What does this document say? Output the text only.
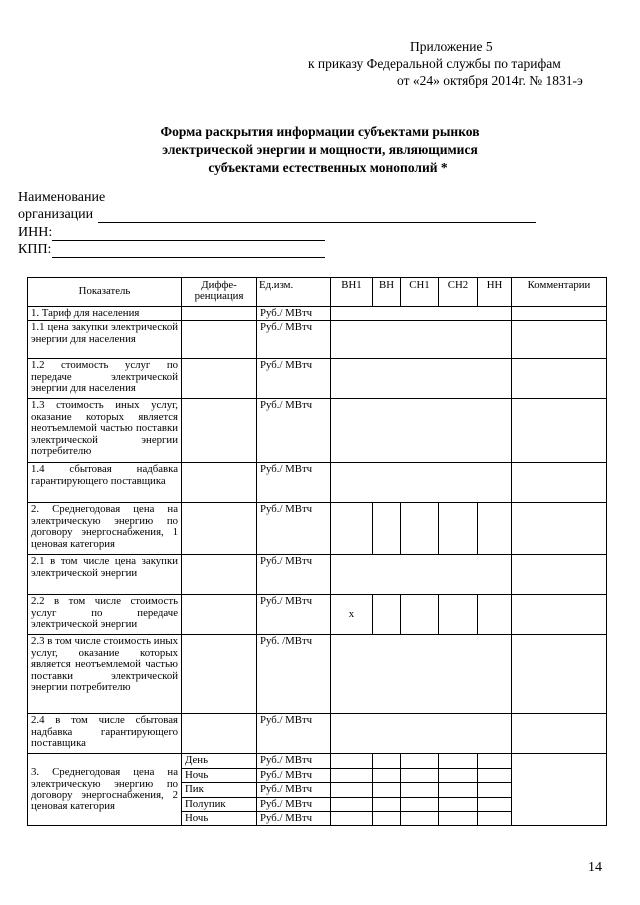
Приложение 5
к приказу Федеральной службы по тарифам
от «24» октября 2014г. № 1831-э
Форма раскрытия информации субъектами рынков
электрической энергии и мощности, являющимися
субъектами естественных монополий *
Наименование
организации
ИНН:
КПП:
Показатель	Диффе-ренциация	Ед.изм.	ВН1	ВН	СН1	СН2	НН	Комментарии
1. Тариф для населения		Руб./ МВтч						
1.1 цена закупки электрической энергии для населения		Руб./ МВтч						
1.2 стоимость услуг по передаче электрической энергии для населения		Руб./ МВтч						
1.3 стоимость иных услуг, оказание которых является неотъемлемой частью поставки электрической энергии потребителю		Руб./ МВтч						
1.4 сбытовая надбавка гарантирующего поставщика		Руб./ МВтч						
2. Среднегодовая цена на электрическую энергию по договору энергоснабжения, 1 ценовая категория		Руб./ МВтч						
2.1 в том числе цена закупки электрической энергии		Руб./ МВтч						
2.2 в том числе стоимость услуг по передаче электрической энергии		Руб./ МВтч	х					
2.3 в том числе стоимость иных услуг, оказание которых является неотъемлемой частью поставки электрической энергии потребителю		Руб. /МВтч						
2.4 в том числе сбытовая надбавка гарантирующего поставщика		Руб./ МВтч						
3. Среднегодовая цена на электрическую энергию по договору энергоснабжения, 2 ценовая категория	День	Руб./ МВтч						
	Ночь	Руб./ МВтч						
	Пик	Руб./ МВтч						
	Полупик	Руб./ МВтч						
	Ночь	Руб./ МВтч						
14
